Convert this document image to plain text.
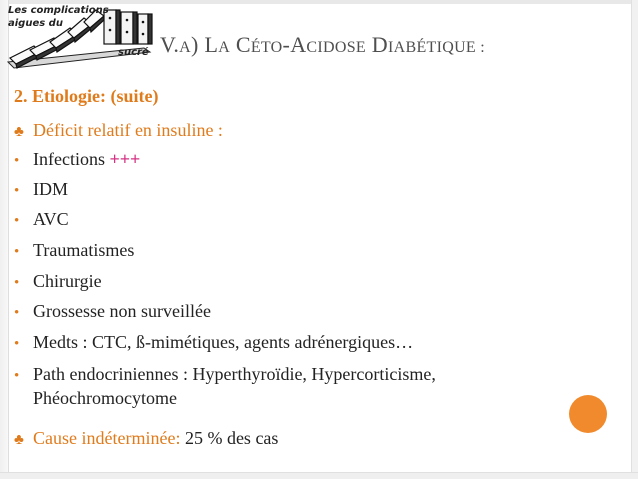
Les complications
aigues du
sucré V.A) LA CÉTO-ACIDOSE DIABÉTIQUE :
2. Etiologie: (suite)
♣ Déficit relatif en insuline :
• Infections +++
• IDM
• AVC
• Traumatismes
• Chirurgie
• Grossesse non surveillée
• Medts : CTC, ß-mimétiques, agents adrénergiques…
• Path endocriniennes : Hyperthyroïdie, Hypercorticisme,
Phéochromocytome
♣ Cause indéterminée: 25 % des cas
